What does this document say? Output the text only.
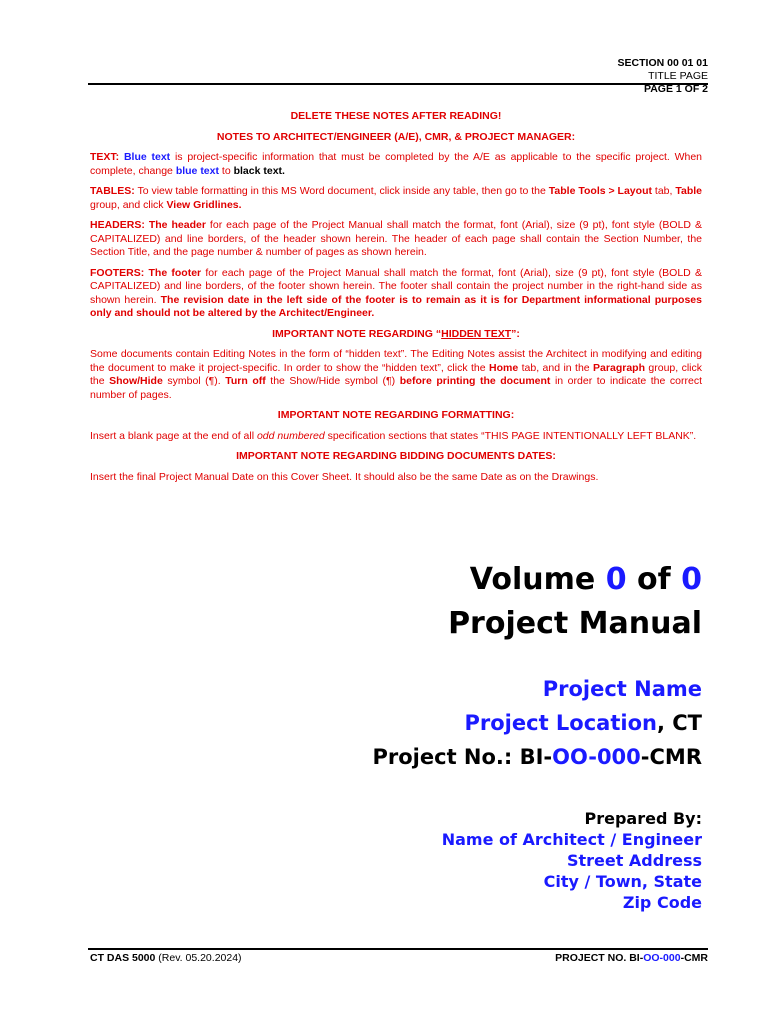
SECTION 00 01 01
TITLE PAGE
PAGE 1 OF 2
DELETE THESE NOTES AFTER READING!
NOTES TO ARCHITECT/ENGINEER (A/E), CMR, & PROJECT MANAGER:

TEXT: Blue text is project-specific information that must be completed by the A/E as applicable to the specific project. When complete, change blue text to black text.

TABLES: To view table formatting in this MS Word document, click inside any table, then go to the Table Tools > Layout tab, Table group, and click View Gridlines.

HEADERS: The header for each page of the Project Manual shall match the format, font (Arial), size (9 pt), font style (BOLD & CAPITALIZED) and line borders, of the header shown herein. The header of each page shall contain the Section Number, the Section Title, and the page number & number of pages as shown herein.

FOOTERS: The footer for each page of the Project Manual shall match the format, font (Arial), size (9 pt), font style (BOLD & CAPITALIZED) and line borders, of the footer shown herein. The footer shall contain the project number in the right-hand side as shown herein. The revision date in the left side of the footer is to remain as it is for Department informational purposes only and should not be altered by the Architect/Engineer.

IMPORTANT NOTE REGARDING “HIDDEN TEXT”:

Some documents contain Editing Notes in the form of “hidden text”. The Editing Notes assist the Architect in modifying and editing the document to make it project-specific. In order to show the “hidden text”, click the Home tab, and in the Paragraph group, click the Show/Hide symbol (¶). Turn off the Show/Hide symbol (¶) before printing the document in order to indicate the correct number of pages.

IMPORTANT NOTE REGARDING FORMATTING:

Insert a blank page at the end of all odd numbered specification sections that states “THIS PAGE INTENTIONALLY LEFT BLANK”.

IMPORTANT NOTE REGARDING BIDDING DOCUMENTS DATES:

Insert the final Project Manual Date on this Cover Sheet. It should also be the same Date as on the Drawings.

Volume 0 of 0
Project Manual
Project Name
Project Location, CT
Project No.: BI-OO-000-CMR
Prepared By:
Name of Architect / Engineer
Street Address
City / Town, State
Zip Code
CT DAS 5000 (Rev. 05.20.2024)	PROJECT NO. BI-OO-000-CMR
